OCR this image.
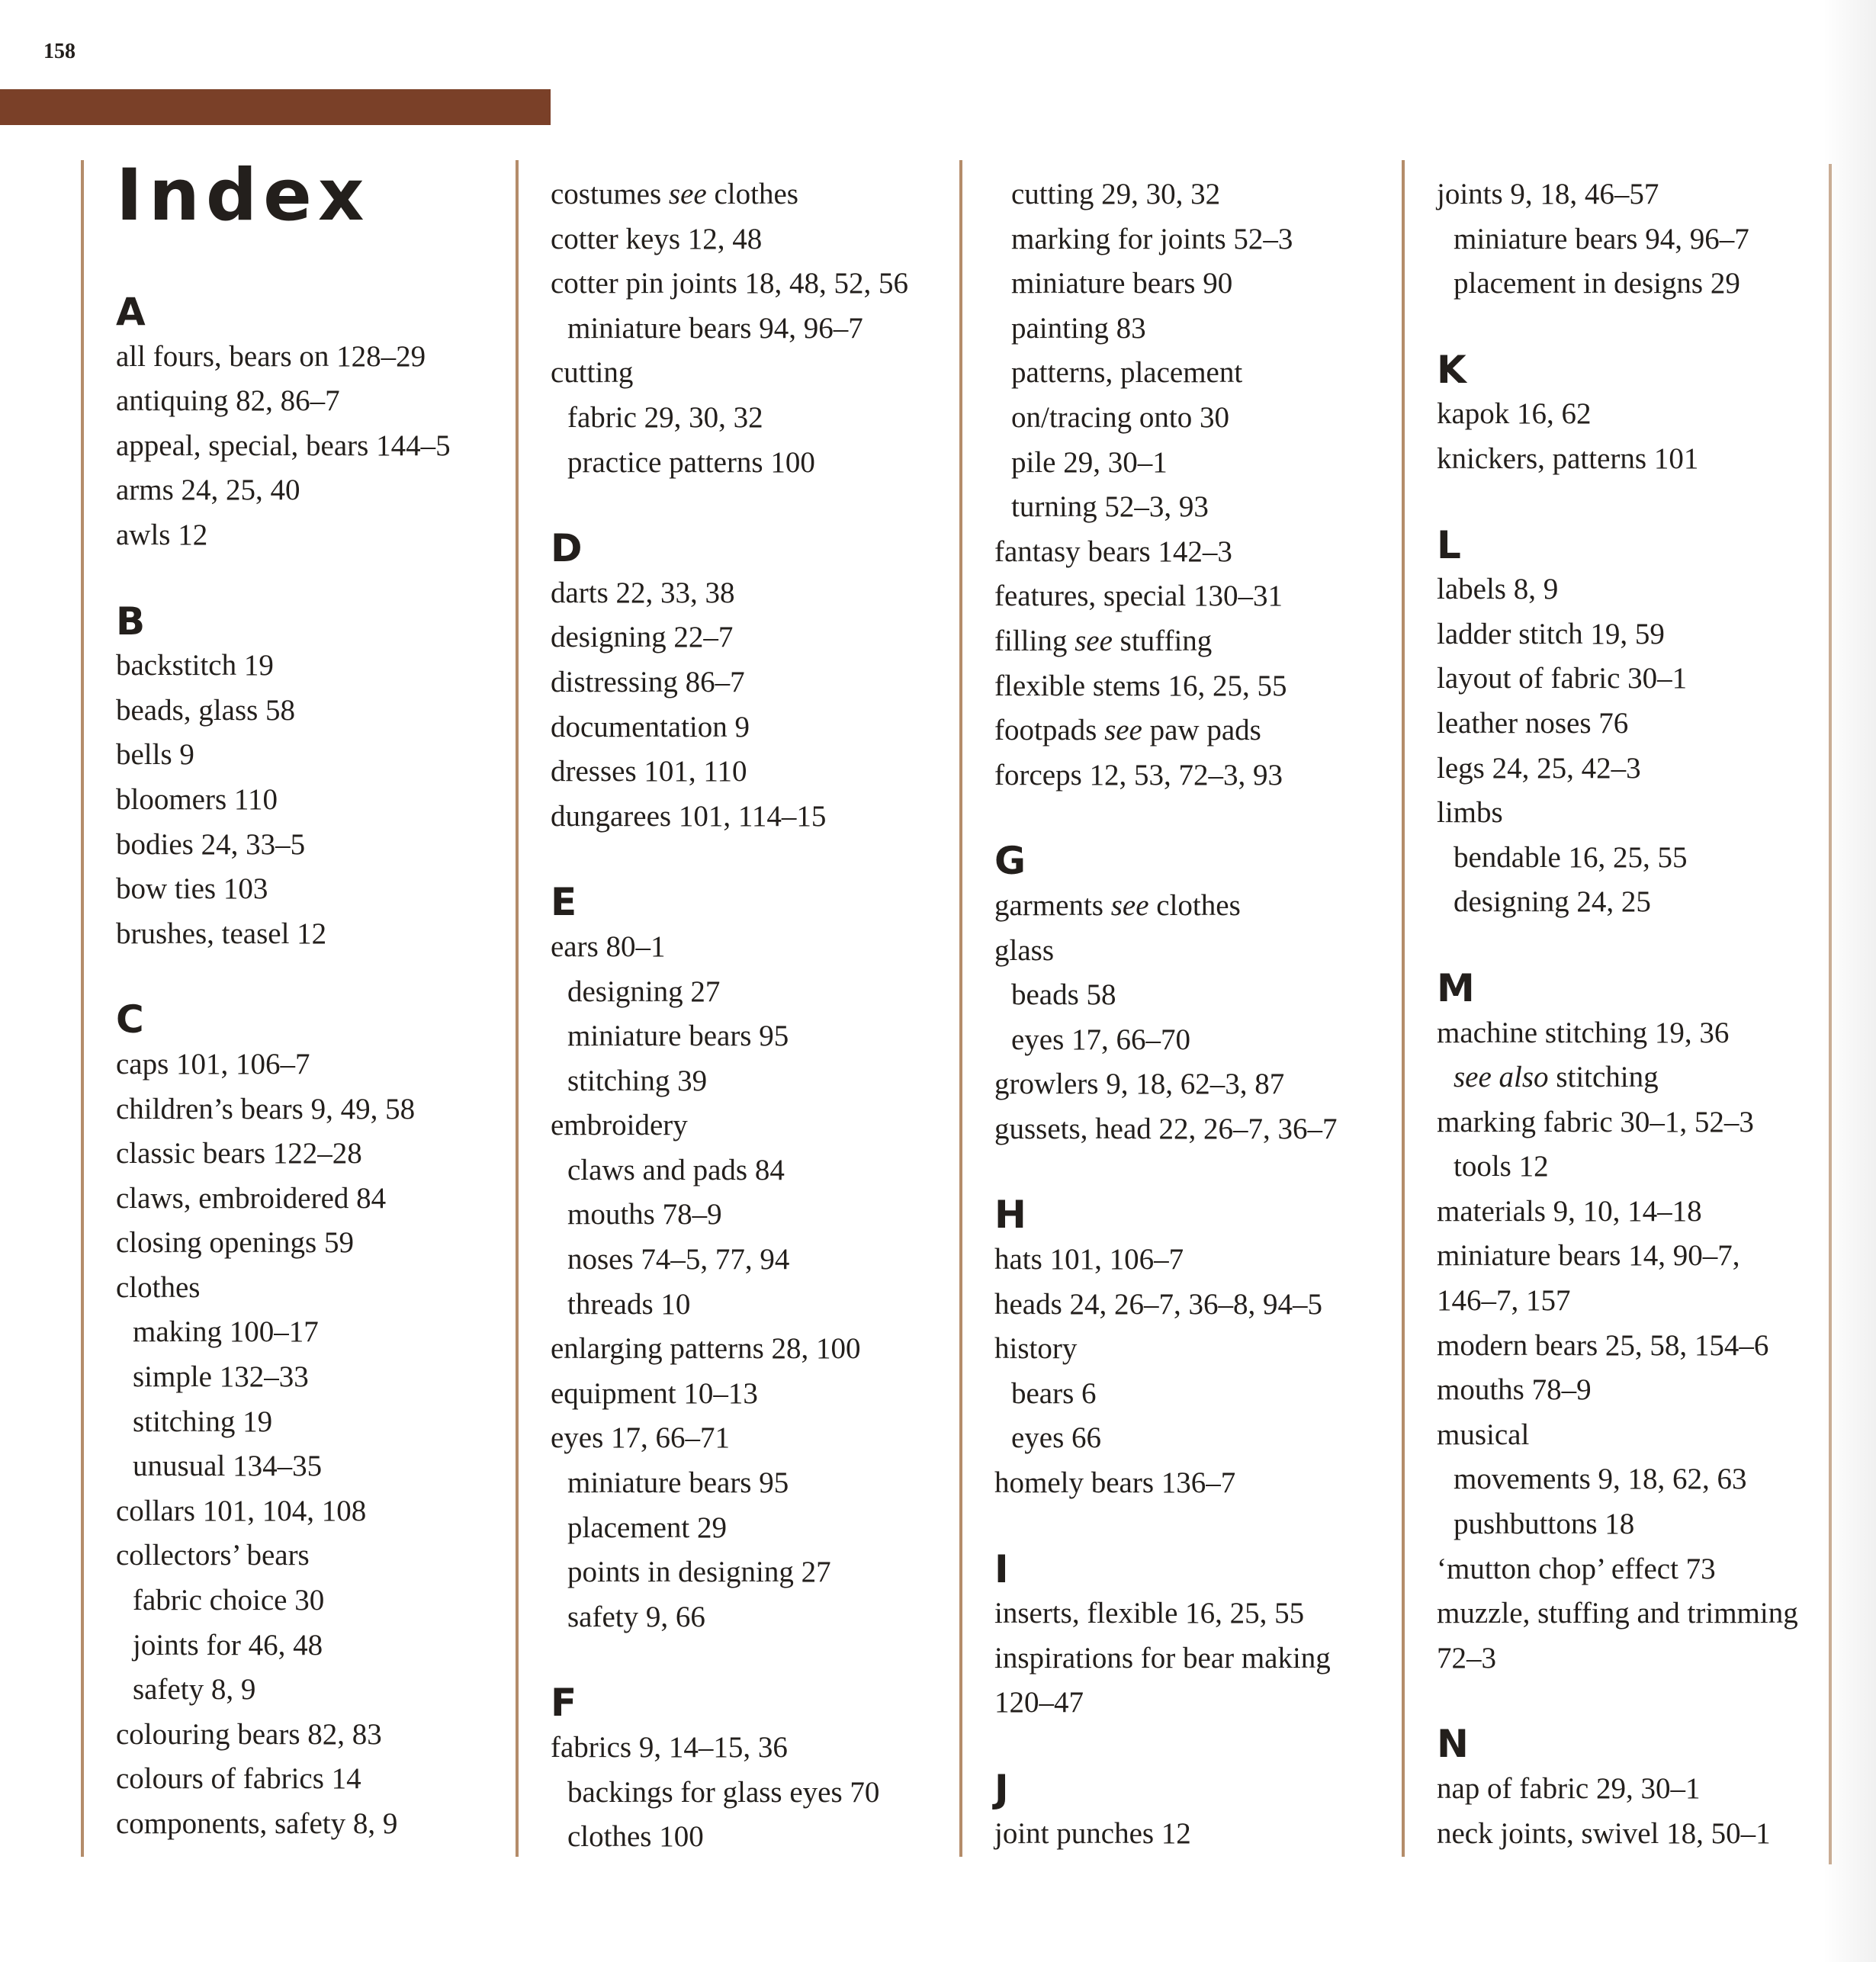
158
Index
A
all fours, bears on 128–29
antiquing 82, 86–7
appeal, special, bears 144–5
arms 24, 25, 40
awls 12
B
backstitch 19
beads, glass 58
bells 9
bloomers 110
bodies 24, 33–5
bow ties 103
brushes, teasel 12
C
caps 101, 106–7
children’s bears 9, 49, 58
classic bears 122–28
claws, embroidered 84
closing openings 59
clothes
making 100–17
simple 132–33
stitching 19
unusual 134–35
collars 101, 104, 108
collectors’ bears
fabric choice 30
joints for 46, 48
safety 8, 9
colouring bears 82, 83
colours of fabrics 14
components, safety 8, 9
costumes see clothes
cotter keys 12, 48
cotter pin joints 18, 48, 52, 56
miniature bears 94, 96–7
cutting
fabric 29, 30, 32
practice patterns 100
D
darts 22, 33, 38
designing 22–7
distressing 86–7
documentation 9
dresses 101, 110
dungarees 101, 114–15
E
ears 80–1
designing 27
miniature bears 95
stitching 39
embroidery
claws and pads 84
mouths 78–9
noses 74–5, 77, 94
threads 10
enlarging patterns 28, 100
equipment 10–13
eyes 17, 66–71
miniature bears 95
placement 29
points in designing 27
safety 9, 66
F
fabrics 9, 14–15, 36
backings for glass eyes 70
clothes 100
cutting 29, 30, 32
marking for joints 52–3
miniature bears 90
painting 83
patterns, placement
on/tracing onto 30
pile 29, 30–1
turning 52–3, 93
fantasy bears 142–3
features, special 130–31
filling see stuffing
flexible stems 16, 25, 55
footpads see paw pads
forceps 12, 53, 72–3, 93
G
garments see clothes
glass
beads 58
eyes 17, 66–70
growlers 9, 18, 62–3, 87
gussets, head 22, 26–7, 36–7
H
hats 101, 106–7
heads 24, 26–7, 36–8, 94–5
history
bears 6
eyes 66
homely bears 136–7
I
inserts, flexible 16, 25, 55
inspirations for bear making
120–47
J
joint punches 12
joints 9, 18, 46–57
miniature bears 94, 96–7
placement in designs 29
K
kapok 16, 62
knickers, patterns 101
L
labels 8, 9
ladder stitch 19, 59
layout of fabric 30–1
leather noses 76
legs 24, 25, 42–3
limbs
bendable 16, 25, 55
designing 24, 25
M
machine stitching 19, 36
see also stitching
marking fabric 30–1, 52–3
tools 12
materials 9, 10, 14–18
miniature bears 14, 90–7,
146–7, 157
modern bears 25, 58, 154–6
mouths 78–9
musical
movements 9, 18, 62, 63
pushbuttons 18
‘mutton chop’ effect 73
muzzle, stuffing and trimming
72–3
N
nap of fabric 29, 30–1
neck joints, swivel 18, 50–1
